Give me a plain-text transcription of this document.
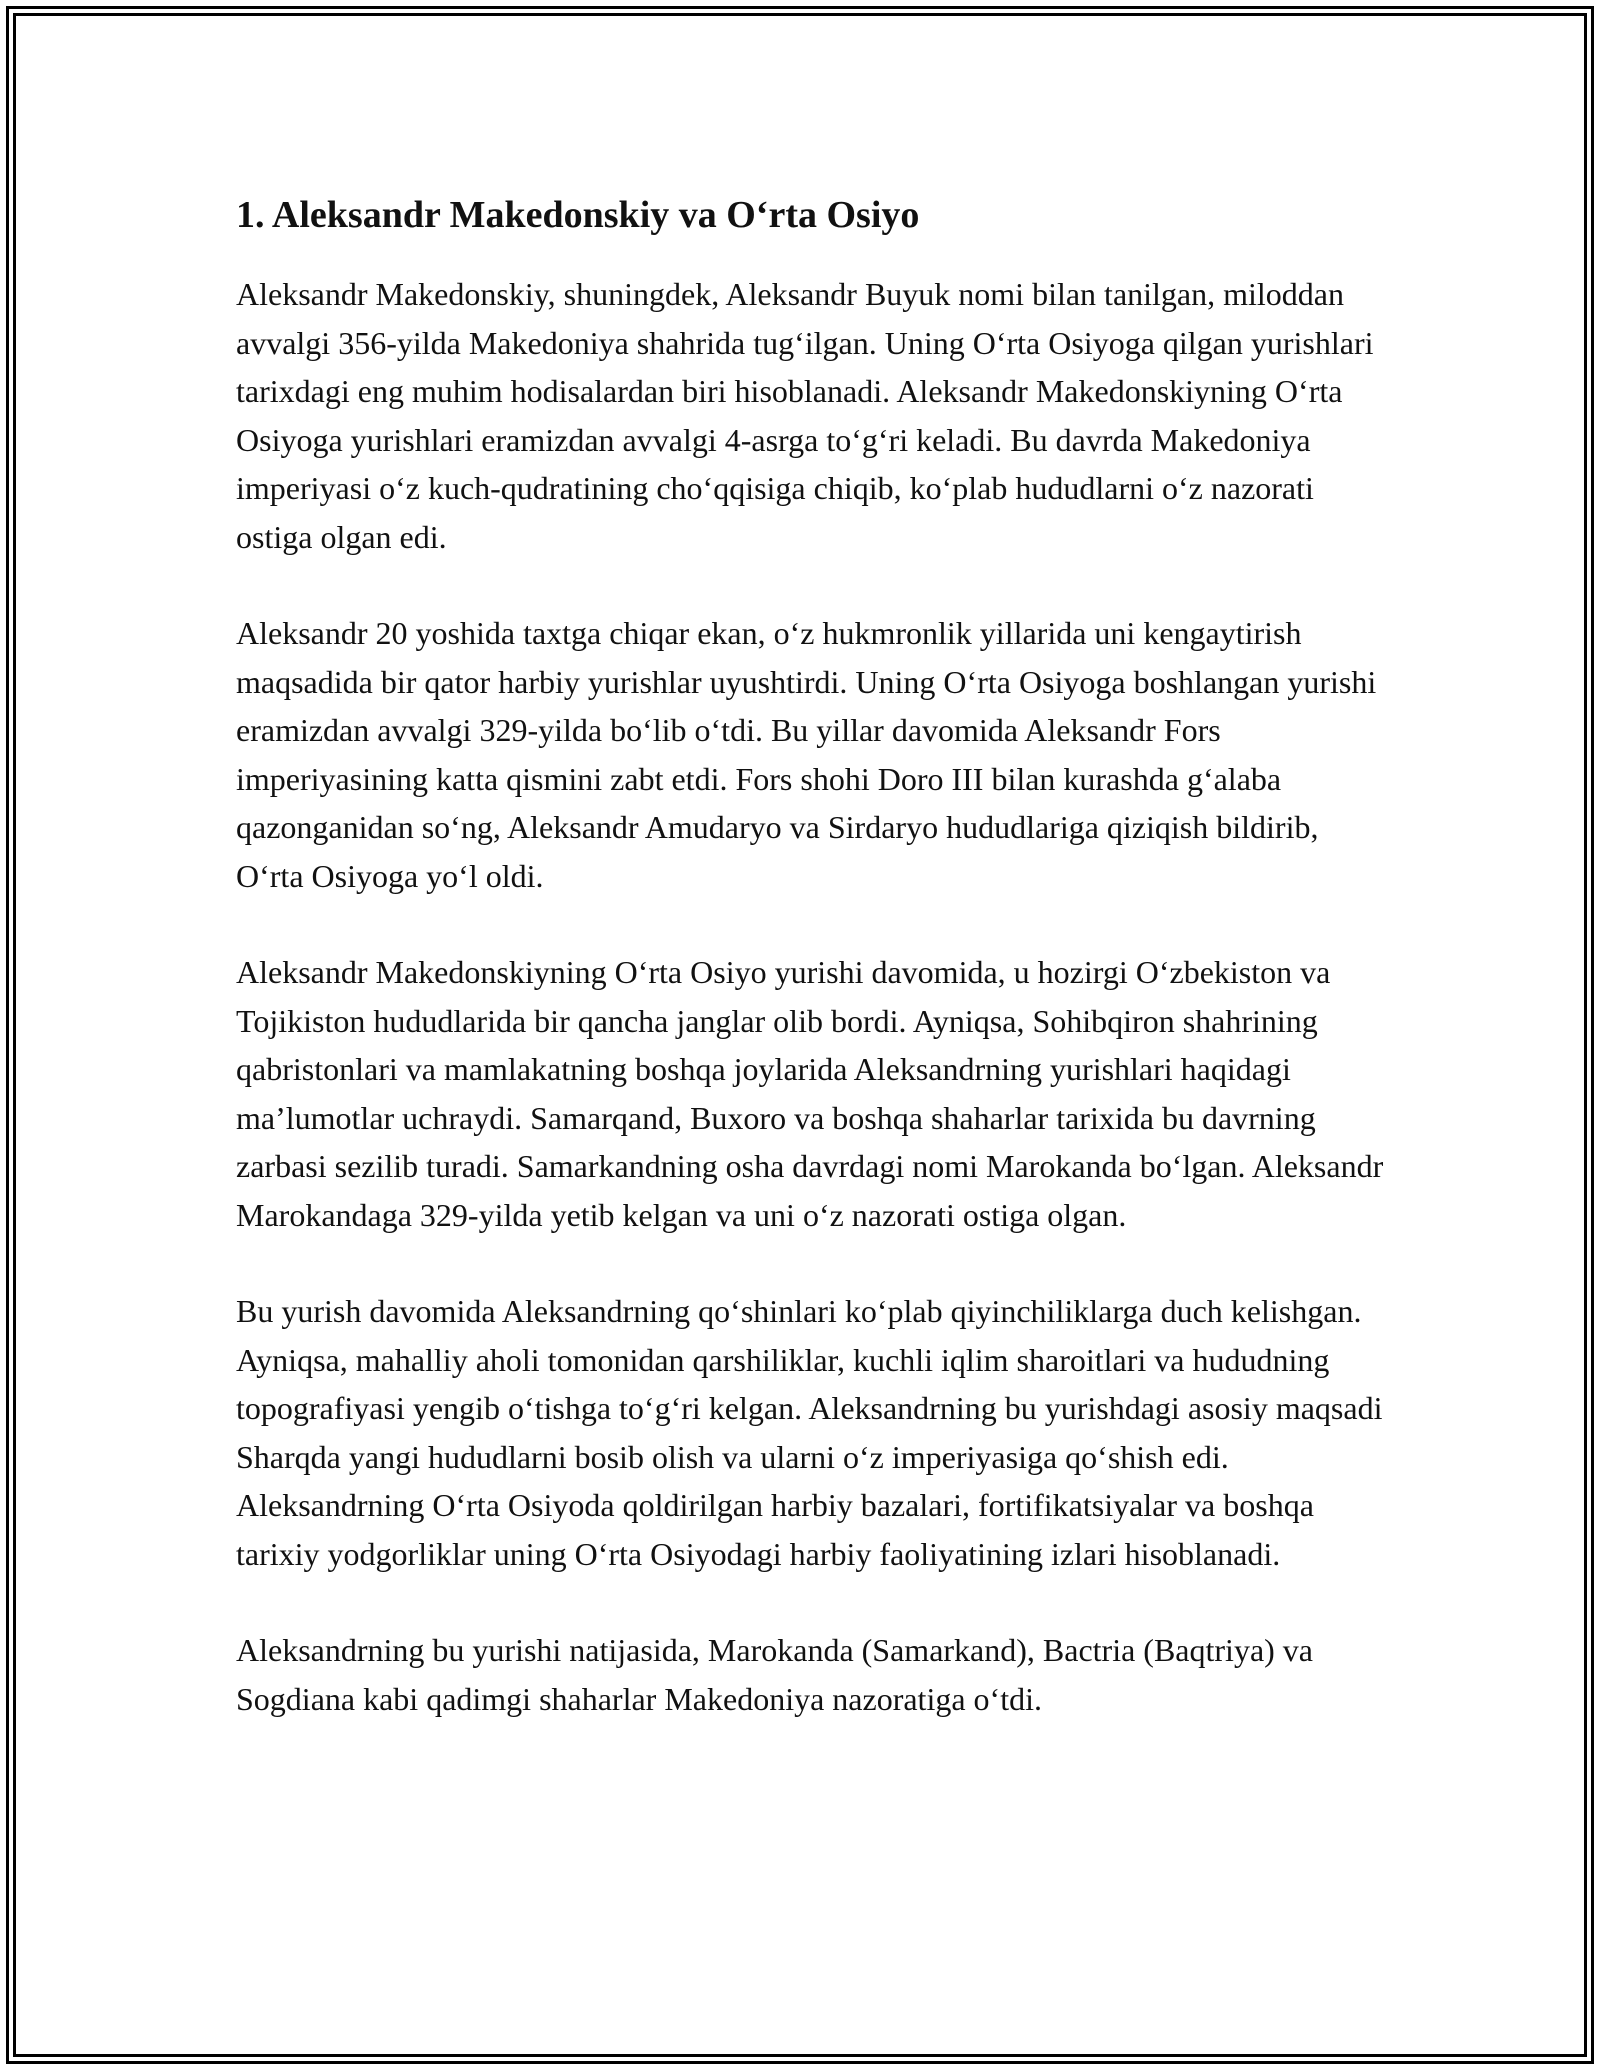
1. Aleksandr Makedonskiy va O‘rta Osiyo

Aleksandr Makedonskiy, shuningdek, Aleksandr Buyuk nomi bilan tanilgan, miloddan avvalgi 356-yilda Makedoniya shahrida tug‘ilgan. Uning O‘rta Osiyoga qilgan yurishlari tarixdagi eng muhim hodisalardan biri hisoblanadi. Aleksandr Makedonskiyning O‘rta Osiyoga yurishlari eramizdan avvalgi 4-asrga to‘g‘ri keladi. Bu davrda Makedoniya imperiyasi o‘z kuch-qudratining cho‘qqisiga chiqib, ko‘plab hududlarni o‘z nazorati ostiga olgan edi.

Aleksandr 20 yoshida taxtga chiqar ekan, o‘z hukmronlik yillarida uni kengaytirish maqsadida bir qator harbiy yurishlar uyushtirdi. Uning O‘rta Osiyoga boshlangan yurishi eramizdan avvalgi 329-yilda bo‘lib o‘tdi. Bu yillar davomida Aleksandr Fors imperiyasining katta qismini zabt etdi. Fors shohi Doro III bilan kurashda g‘alaba qazonganidan so‘ng, Aleksandr Amudaryo va Sirdaryo hududlariga qiziqish bildirib, O‘rta Osiyoga yo‘l oldi.

Aleksandr Makedonskiyning O‘rta Osiyo yurishi davomida, u hozirgi O‘zbekiston va Tojikiston hududlarida bir qancha janglar olib bordi. Ayniqsa, Sohibqiron shahrining qabristonlari va mamlakatning boshqa joylarida Aleksandrning yurishlari haqidagi ma’lumotlar uchraydi. Samarqand, Buxoro va boshqa shaharlar tarixida bu davrning zarbasi sezilib turadi. Samarkandning osha davrdagi nomi Marokanda bo‘lgan. Aleksandr Marokandaga 329-yilda yetib kelgan va uni o‘z nazorati ostiga olgan.

Bu yurish davomida Aleksandrning qo‘shinlari ko‘plab qiyinchiliklarga duch kelishgan. Ayniqsa, mahalliy aholi tomonidan qarshiliklar, kuchli iqlim sharoitlari va hududning topografiyasi yengib o‘tishga to‘g‘ri kelgan. Aleksandrning bu yurishdagi asosiy maqsadi Sharqda yangi hududlarni bosib olish va ularni o‘z imperiyasiga qo‘shish edi. Aleksandrning O‘rta Osiyoda qoldirilgan harbiy bazalari, fortifikatsiyalar va boshqa tarixiy yodgorliklar uning O‘rta Osiyodagi harbiy faoliyatining izlari hisoblanadi.

Aleksandrning bu yurishi natijasida, Marokanda (Samarkand), Bactria (Baqtriya) va Sogdiana kabi qadimgi shaharlar Makedoniya nazoratiga o‘tdi.
